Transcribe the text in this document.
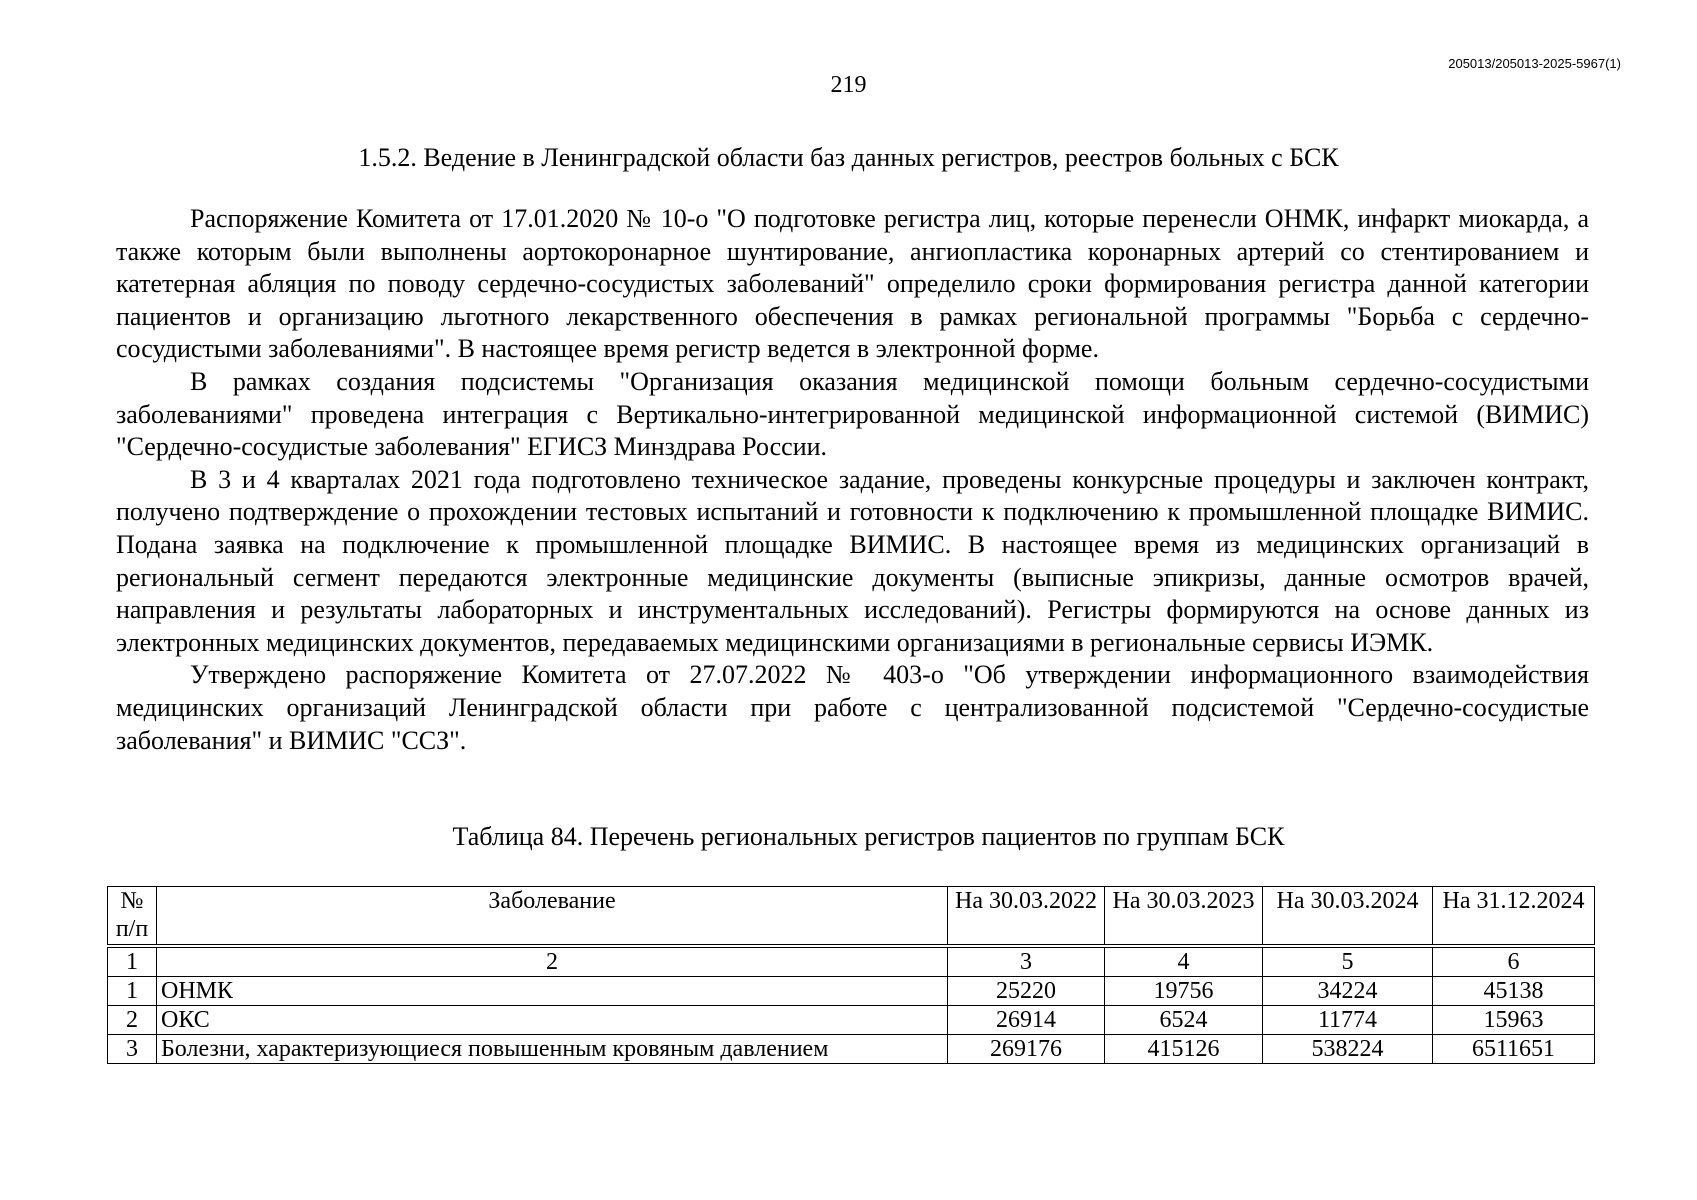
205013/205013-2025-5967(1)
219
1.5.2. Ведение в Ленинградской области баз данных регистров, реестров больных с БСК

Распоряжение Комитета от 17.01.2020 № 10-о "О подготовке регистра лиц, которые перенесли ОНМК, инфаркт миокарда, а также которым были выполнены аортокоронарное шунтирование, ангиопластика коронарных артерий со стентированием и катетерная абляция по поводу сердечно-сосудистых заболеваний" определило сроки формирования регистра данной категории пациентов и организацию льготного лекарственного обеспечения в рамках региональной программы "Борьба с сердечно-сосудистыми заболеваниями". В настоящее время регистр ведется в электронной форме.

В рамках создания подсистемы "Организация оказания медицинской помощи больным сердечно-сосудистыми заболеваниями" проведена интеграция с Вертикально-интегрированной медицинской информационной системой (ВИМИС) "Сердечно-сосудистые заболевания" ЕГИСЗ Минздрава России.

В 3 и 4 кварталах 2021 года подготовлено техническое задание, проведены конкурсные процедуры и заключен контракт, получено подтверждение о прохождении тестовых испытаний и готовности к подключению к промышленной площадке ВИМИС. Подана заявка на подключение к промышленной площадке ВИМИС. В настоящее время из медицинских организаций в региональный сегмент передаются электронные медицинские документы (выписные эпикризы, данные осмотров врачей, направления и результаты лабораторных и инструментальных исследований). Регистры формируются на основе данных из электронных медицинских документов, передаваемых медицинскими организациями в региональные сервисы ИЭМК.

Утверждено распоряжение Комитета от 27.07.2022 № 403-о "Об утверждении информационного взаимодействия медицинских организаций Ленинградской области при работе с централизованной подсистемой "Сердечно-сосудистые заболевания" и ВИМИС "ССЗ".

Таблица 84. Перечень региональных регистров пациентов по группам БСК
№ п/п	Заболевание	На 30.03.2022	На 30.03.2023	На 30.03.2024	На 31.12.2024

1	2	3	4	5	6
1	ОНМК	25220	19756	34224	45138
2	ОКС	26914	6524	11774	15963
3	Болезни, характеризующиеся повышенным кровяным давлением	269176	415126	538224	6511651
